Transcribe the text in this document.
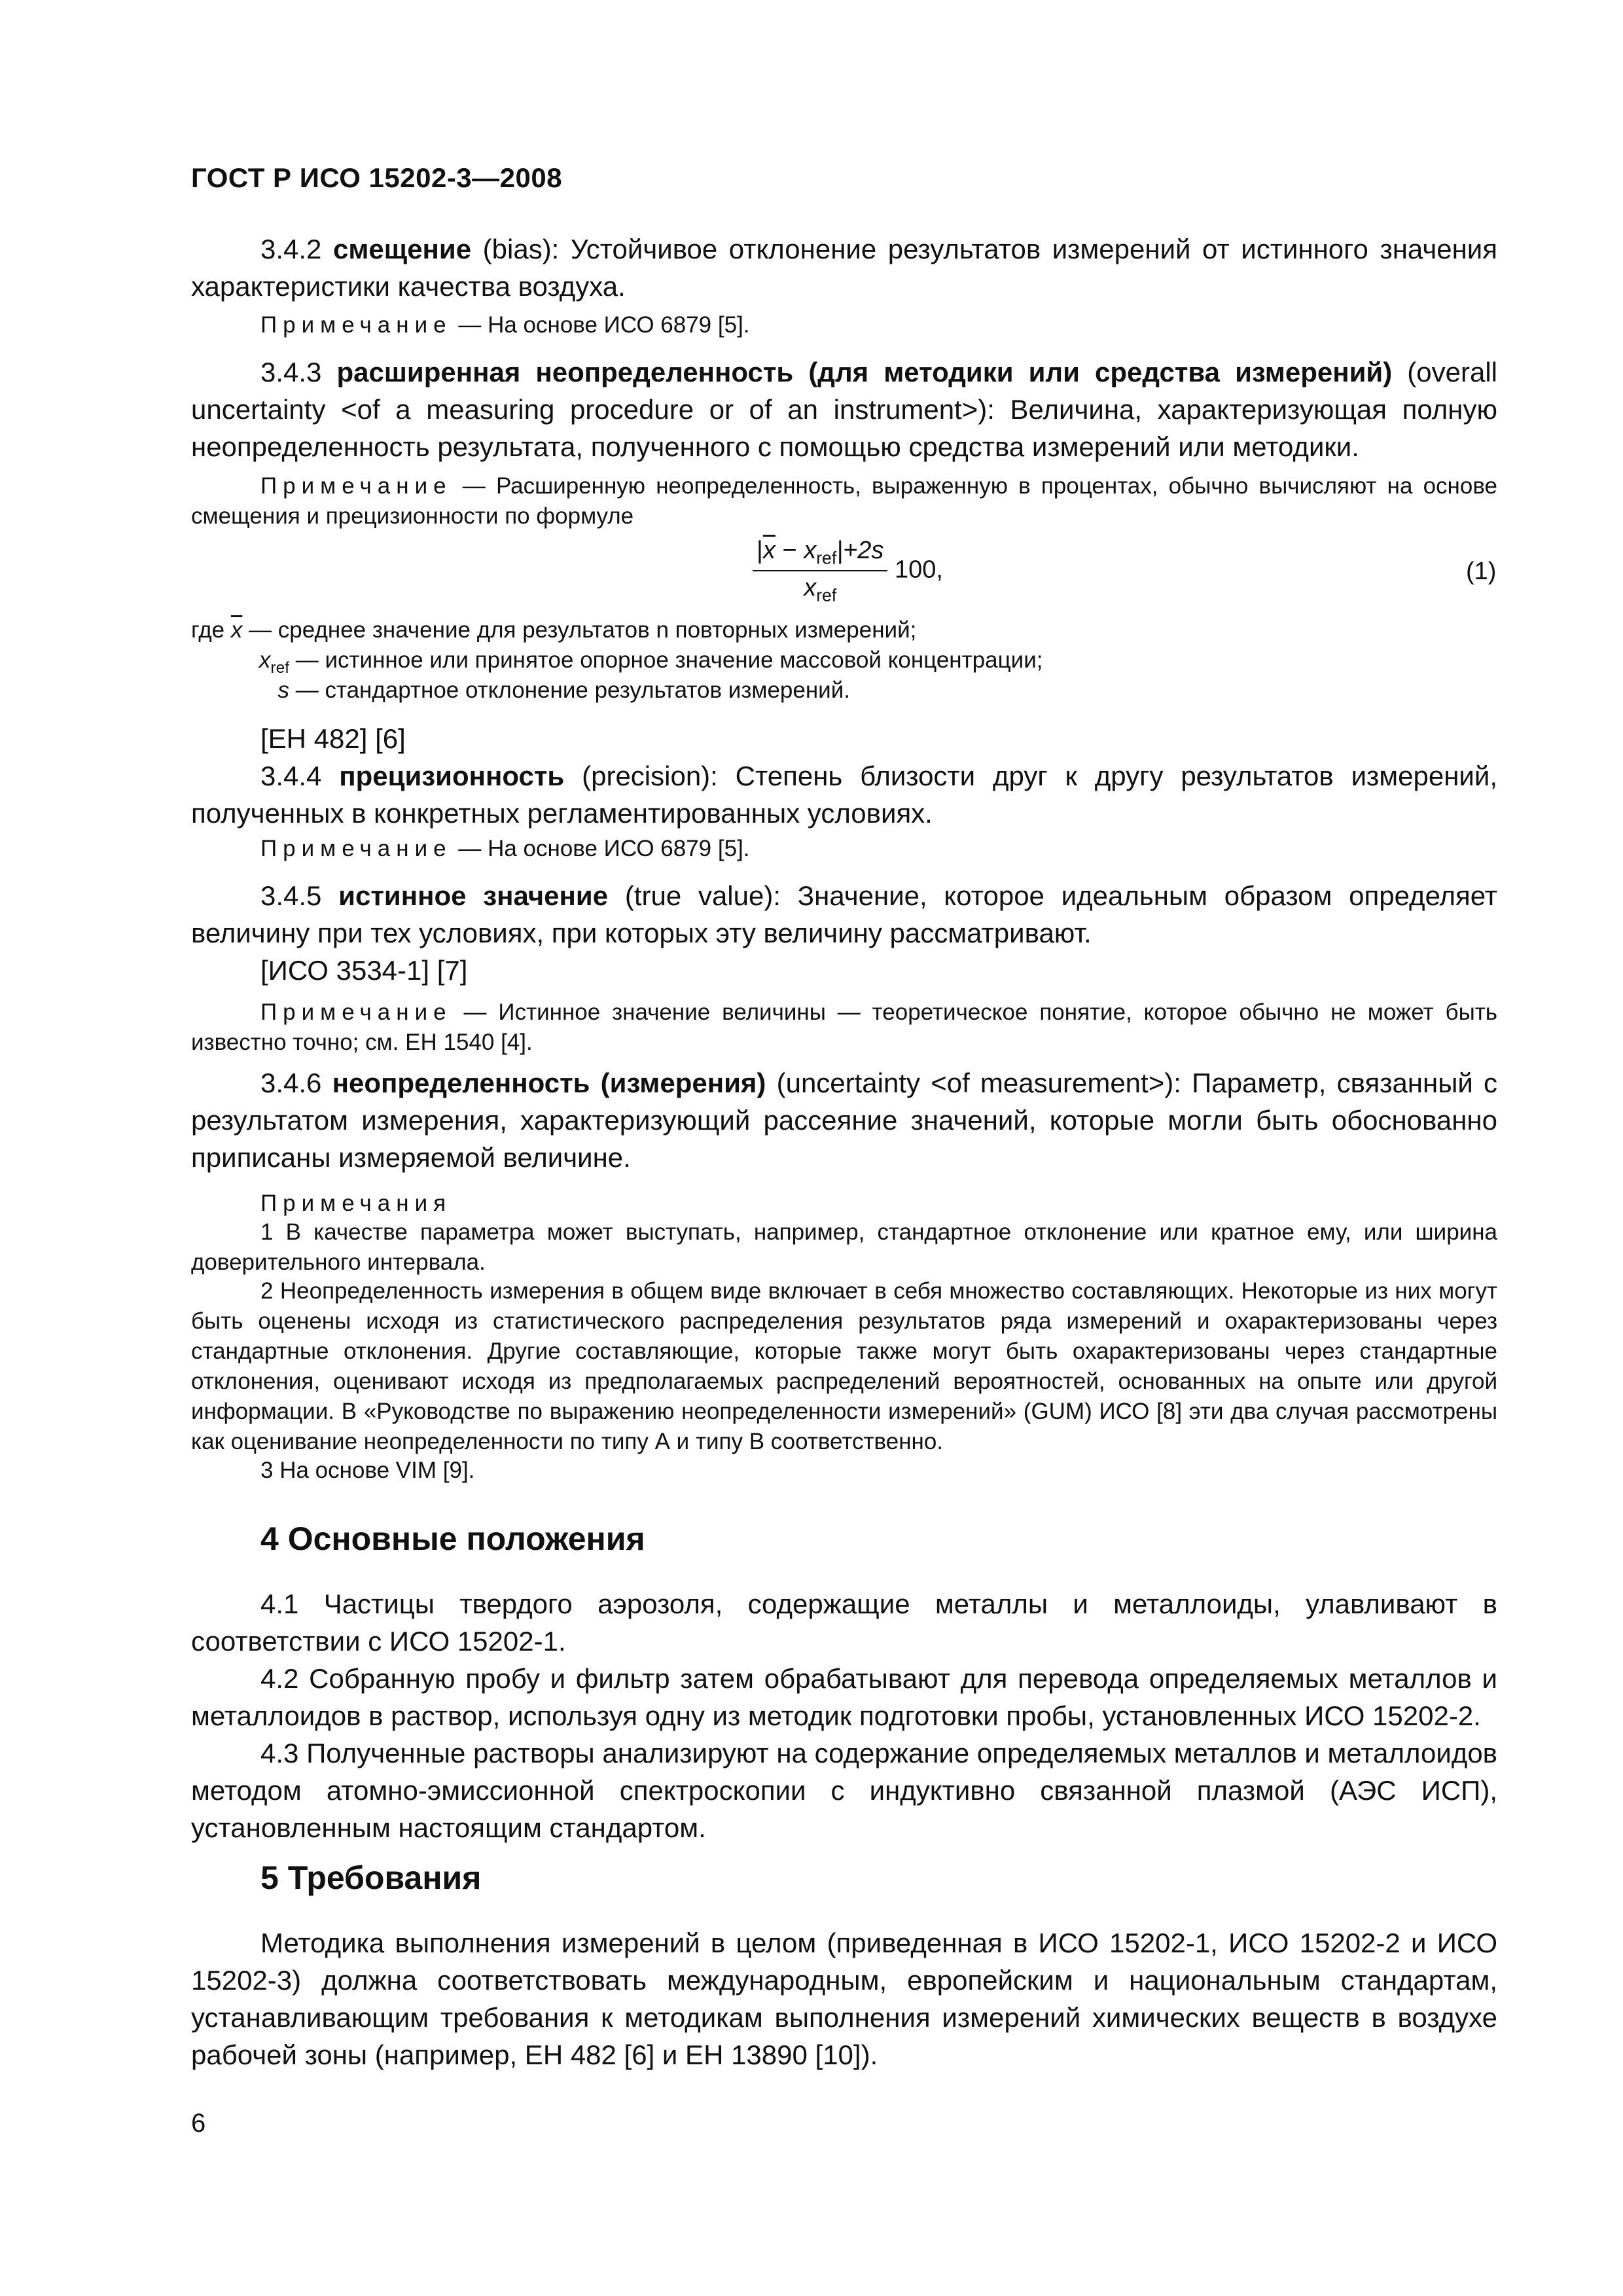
ГОСТ Р ИСО 15202-3—2008

3.4.2 смещение (bias): Устойчивое отклонение результатов измерений от истинного значения характеристики качества воздуха.

Примечание — На основе ИСО 6879 [5].

3.4.3 расширенная неопределенность (для методики или средства измерений) (overall uncertainty <of a measuring procedure or of an instrument>): Величина, характеризующая полную неопределенность результата, полученного с помощью средства измерений или методики.

Примечание — Расширенную неопределенность, выраженную в процентах, обычно вычисляют на основе смещения и прецизионности по формуле

$\frac{|\overline{x} - x_{ref}|+2s}{x_{ref}} 100$,	(1)

где $\overline{x}$ — среднее значение для результатов n повторных измерений;

$x_{ref}$ — истинное или принятое опорное значение массовой концентрации;

s — стандартное отклонение результатов измерений.

[ЕН 482] [6]

3.4.4 прецизионность (precision): Степень близости друг к другу результатов измерений, полученных в конкретных регламентированных условиях.

Примечание — На основе ИСО 6879 [5].

3.4.5 истинное значение (true value): Значение, которое идеальным образом определяет величину при тех условиях, при которых эту величину рассматривают.

[ИСО 3534-1] [7]

Примечание — Истинное значение величины — теоретическое понятие, которое обычно не может быть известно точно; см. ЕН 1540 [4].

3.4.6 неопределенность (измерения) (uncertainty <of measurement>): Параметр, связанный с результатом измерения, характеризующий рассеяние значений, которые могли быть обоснованно приписаны измеряемой величине.

Примечания

1 В качестве параметра может выступать, например, стандартное отклонение или кратное ему, или ширина доверительного интервала.

2 Неопределенность измерения в общем виде включает в себя множество составляющих. Некоторые из них могут быть оценены исходя из статистического распределения результатов ряда измерений и охарактеризованы через стандартные отклонения. Другие составляющие, которые также могут быть охарактеризованы через стандартные отклонения, оценивают исходя из предполагаемых распределений вероятностей, основанных на опыте или другой информации. В «Руководстве по выражению неопределенности измерений» (GUM) ИСО [8] эти два случая рассмотрены как оценивание неопределенности по типу А и типу В соответственно.

3 На основе VIM [9].

4 Основные положения

4.1 Частицы твердого аэрозоля, содержащие металлы и металлоиды, улавливают в соответствии с ИСО 15202-1.

4.2 Собранную пробу и фильтр затем обрабатывают для перевода определяемых металлов и металлоидов в раствор, используя одну из методик подготовки пробы, установленных ИСО 15202-2.

4.3 Полученные растворы анализируют на содержание определяемых металлов и металлоидов методом атомно-эмиссионной спектроскопии с индуктивно связанной плазмой (АЭС ИСП), установленным настоящим стандартом.

5 Требования

Методика выполнения измерений в целом (приведенная в ИСО 15202-1, ИСО 15202-2 и ИСО 15202-3) должна соответствовать международным, европейским и национальным стандартам, устанавливающим требования к методикам выполнения измерений химических веществ в воздухе рабочей зоны (например, ЕН 482 [6] и ЕН 13890 [10]).

6
